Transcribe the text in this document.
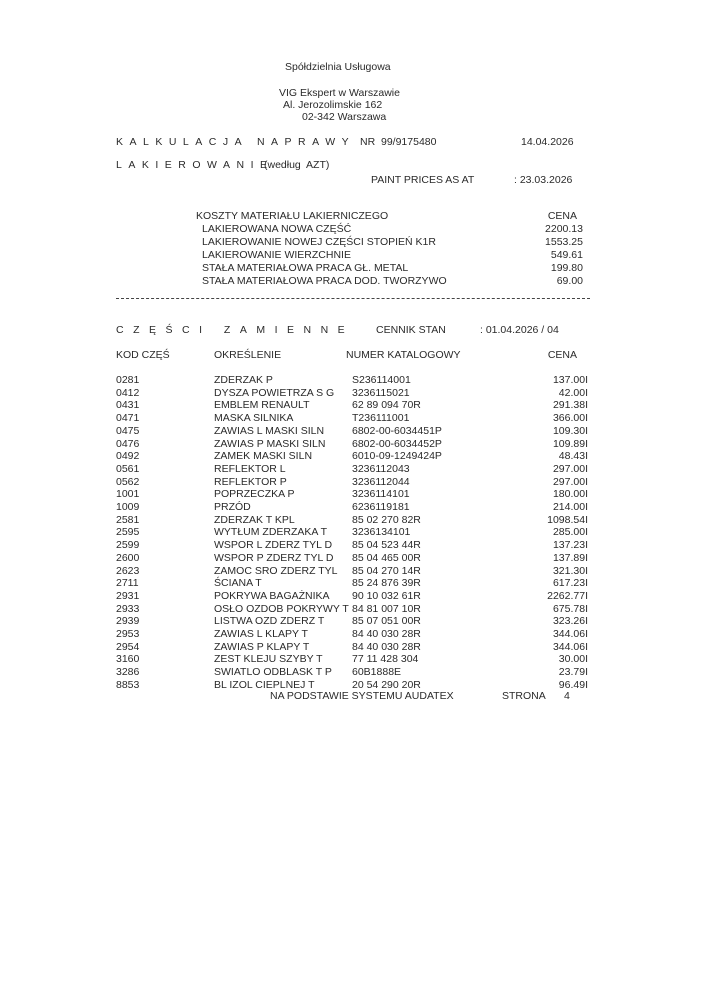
Spółdzielnia Usługowa
VIG Ekspert w Warszawie
Al. Jerozolimskie 162
02-342 Warszawa
KALKULACJA NAPRAWY NR  99/9175480	14.04.2026
LAKIEROWANIE
(według  AZT)
PAINT PRICES AS AT	: 23.03.2026
KOSZTY MATERIAŁU LAKIERNICZEGO	CENA
LAKIEROWANA NOWA CZĘŚĆ	2200.13
LAKIEROWANIE NOWEJ CZĘŚCI STOPIEŃ K1R	1553.25
LAKIEROWANIE WIERZCHNIE	549.61
STAŁA MATERIAŁOWA PRACA GŁ. METAL	199.80
STAŁA MATERIAŁOWA PRACA DOD. TWORZYWO	69.00
CZĘŚCI ZAMIENNE CENNIK STAN	: 01.04.2026 / 04
KOD CZĘŚ	OKREŚLENIE	NUMER KATALOGOWY	CENA
0281	ZDERZAK P	S236114001	137.00I
0412	DYSZA POWIETRZA S G 3236115021	42.00I
0431	EMBLEM RENAULT	62 89 094 70R	291.38I
0471	MASKA SILNIKA	T236111001	366.00I
0475	ZAWIAS L MASKI SILN	6802-00-6034451P	109.30I
0476	ZAWIAS P MASKI SILN	6802-00-6034452P	109.89I
0492	ZAMEK MASKI SILN	6010-09-1249424P	48.43I
0561	REFLEKTOR L	3236112043	297.00I
0562	REFLEKTOR P	3236112044	297.00I
1001	POPRZECZKA P	3236114101	180.00I
1009	PRZÓD	6236119181	214.00I
2581	ZDERZAK T KPL	85 02 270 82R	1098.54I
2595	WYTŁUM ZDERZAKA T 3236134101	285.00I
2599	WSPOR L ZDERZ TYL D 85 04 523 44R	137.23I
2600	WSPOR P ZDERZ TYL D 85 04 465 00R	137.89I
2623	ZAMOC SRO ZDERZ TYL 85 04 270 14R	321.30I
2711	ŚCIANA T	85 24 876 39R	617.23I
2931	POKRYWA BAGAŻNIKA 90 10 032 61R	2262.77I
2933	OSŁO OZDOB POKRYWY T 84 81 007 10R	675.78I
2939	LISTWA OZD ZDERZ T	85 07 051 00R	323.26I
2953	ZAWIAS L KLAPY T	84 40 030 28R	344.06I
2954	ZAWIAS P KLAPY T	84 40 030 28R	344.06I
3160	ZEST KLEJU SZYBY T	77 11 428 304	30.00I
3286	SWIATLO ODBLASK T P 60B1888E	23.79I
8853	BL IZOL CIEPLNEJ T	20 54 290 20R	96.49I
NA PODSTAWIE SYSTEMU AUDATEX	STRONA 4
